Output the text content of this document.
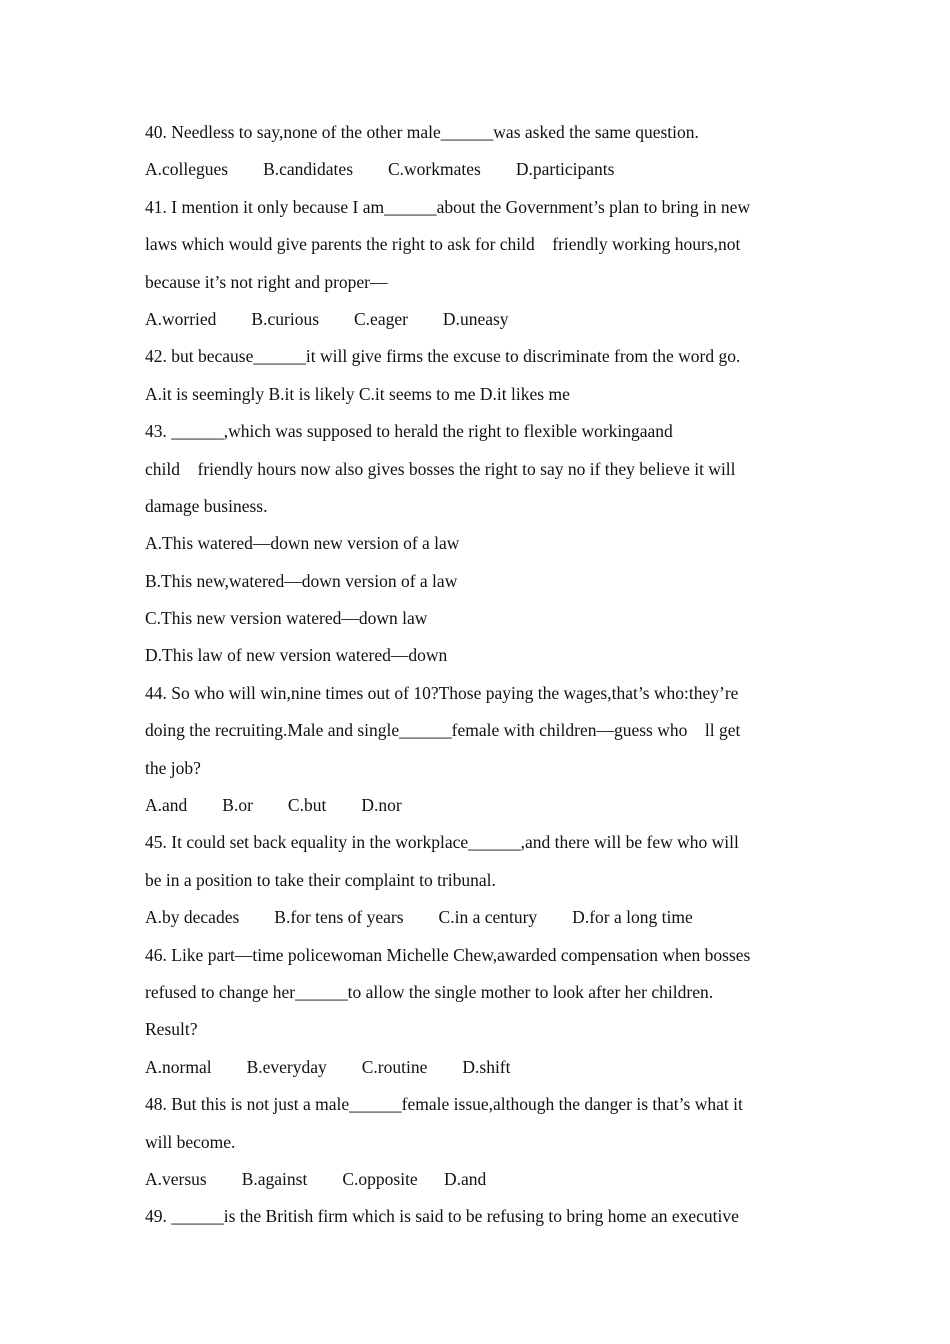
40. Needless to say,none of the other male______was asked the same question.
A.collegues        B.candidates        C.workmates        D.participants
41. I mention it only because I am______about the Government’s plan to bring in new
laws which would give parents the right to ask for child    friendly working hours,not
because it’s not right and proper—
A.worried        B.curious        C.eager        D.uneasy
42. but because______it will give firms the excuse to discriminate from the word go.
A.it is seemingly B.it is likely C.it seems to me D.it likes me
43. ______,which was supposed to herald the right to flexible workingaand
child    friendly hours now also gives bosses the right to say no if they believe it will
damage business.
A.This watered—down new version of a law
B.This new,watered—down version of a law
C.This new version watered—down law
D.This law of new version watered—down
44. So who will win,nine times out of 10?Those paying the wages,that’s who:they’re
doing the recruiting.Male and single______female with children—guess who    ll get
the job?
A.and        B.or        C.but        D.nor
45. It could set back equality in the workplace______,and there will be few who will
be in a position to take their complaint to tribunal.
A.by decades        B.for tens of years        C.in a century        D.for a long time
46. Like part—time policewoman Michelle Chew,awarded compensation when bosses
refused to change her______to allow the single mother to look after her children.
Result?
A.normal        B.everyday        C.routine        D.shift
48. But this is not just a male______female issue,although the danger is that’s what it
will become.
A.versus        B.against        C.opposite      D.and
49. ______is the British firm which is said to be refusing to bring home an executive
